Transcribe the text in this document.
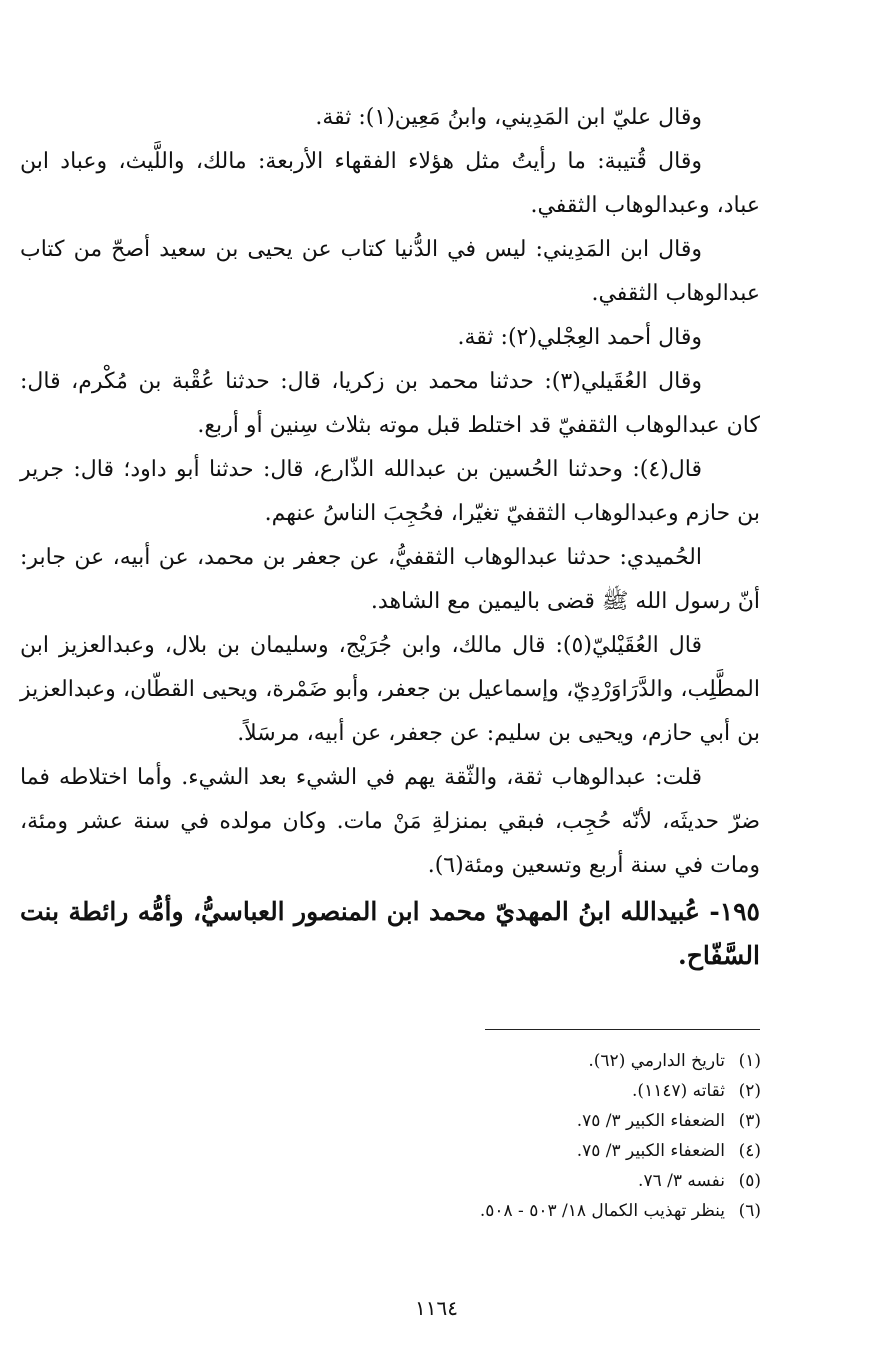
وقال عليّ ابن المَدِيني، وابنُ مَعِين(١): ثقة.

وقال قُتيبة: ما رأيتُ مثل هؤلاء الفقهاء الأربعة: مالك، واللَّيث، وعباد ابن عباد، وعبدالوهاب الثقفي.

وقال ابن المَدِيني: ليس في الدُّنيا كتاب عن يحيى بن سعيد أصحّ من كتاب عبدالوهاب الثقفي.

وقال أحمد العِجْلي(٢): ثقة.

وقال العُقَيلي(٣): حدثنا محمد بن زكريا، قال: حدثنا عُقْبة بن مُكْرم، قال: كان عبدالوهاب الثقفيّ قد اختلط قبل موته بثلاث سِنين أو أربع.

قال(٤): وحدثنا الحُسين بن عبدالله الذّارع، قال: حدثنا أبو داود؛ قال: جرير بن حازم وعبدالوهاب الثقفيّ تغيّرا، فحُجِبَ الناسُ عنهم.

الحُميدي: حدثنا عبدالوهاب الثقفيُّ، عن جعفر بن محمد، عن أبيه، عن جابر: أنّ رسول الله ﷺ قضى باليمين مع الشاهد.

قال العُقَيْليّ(٥): قال مالك، وابن جُرَيْج، وسليمان بن بلال، وعبدالعزيز ابن المطَّلِب، والدَّرَاوَرْدِيّ، وإسماعيل بن جعفر، وأبو ضَمْرة، ويحيى القطّان، وعبدالعزيز بن أبي حازم، ويحيى بن سليم: عن جعفر، عن أبيه، مرسَلاً.

قلت: عبدالوهاب ثقة، والثّقة يهم في الشيء بعد الشيء. وأما اختلاطه فما ضرّ حديثَه، لأنّه حُجِب، فبقي بمنزلةِ مَنْ مات. وكان مولده في سنة عشر ومئة، ومات في سنة أربع وتسعين ومئة(٦).

١٩٥- عُبيدالله ابنُ المهديّ محمد ابن المنصور العباسيُّ، وأمُّه رائطة بنت السَّفّاح.

(١)تاريخ الدارمي (٦٢).
(٢)ثقاته (١١٤٧).
(٣)الضعفاء الكبير ٣/ ٧٥.
(٤)الضعفاء الكبير ٣/ ٧٥.
(٥)نفسه ٣/ ٧٦.
(٦)ينظر تهذيب الكمال ١٨/ ٥٠٣ - ٥٠٨.
١١٦٤
